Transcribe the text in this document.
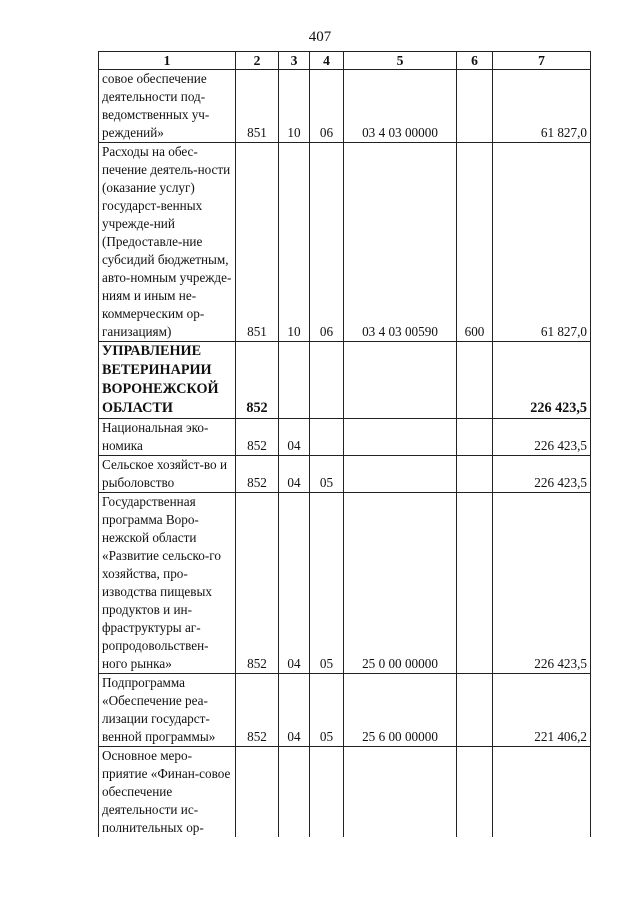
407
1	2	3	4	5	6	7
совое обеспечение деятельности под-ведомственных уч-реждений»	851	10	06	03 4 03 00000		61 827,0
Расходы на обес-печение деятель-ности (оказание услуг) государст-венных учрежде-ний (Предоставле-ние субсидий бюджетным, авто-номным учрежде-ниям и иным не-коммерческим ор-ганизациям)	851	10	06	03 4 03 00590	600	61 827,0
УПРАВЛЕНИЕ ВЕТЕРИНАРИИ ВОРОНЕЖСКОЙ ОБЛАСТИ	852					226 423,5
Национальная эко-номика	852	04				226 423,5
Сельское хозяйст-во и рыболовство	852	04	05			226 423,5
Государственная программа Воро-нежской области «Развитие сельско-го хозяйства, про-изводства пищевых продуктов и ин-фраструктуры аг-ропродовольствен-ного рынка»	852	04	05	25 0 00 00000		226 423,5
Подпрограмма «Обеспечение реа-лизации государст-венной программы»	852	04	05	25 6 00 00000		221 406,2
Основное меро-приятие «Финан-совое обеспечение деятельности ис-полнительных ор-						
